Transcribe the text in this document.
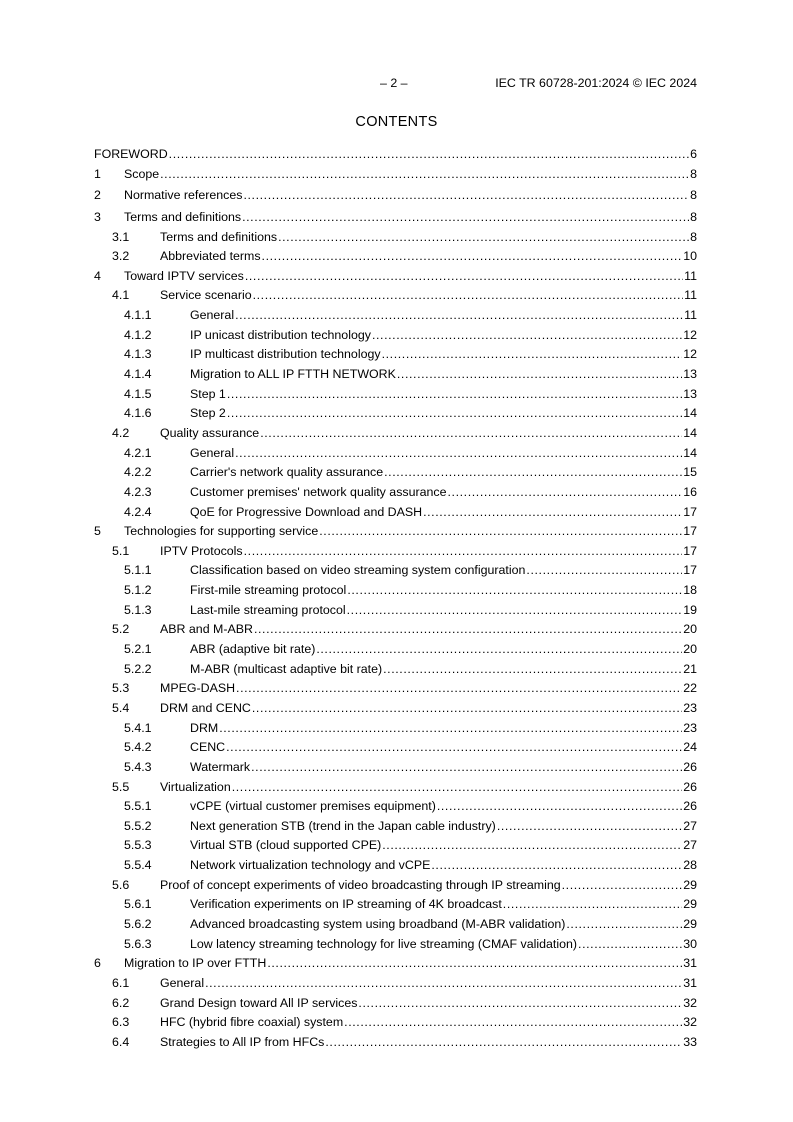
– 2 –	IEC TR 60728-201:2024 © IEC 2024
CONTENTS
FOREWORD .....	6
1 Scope .....	8
2 Normative references .....	8
3 Terms and definitions .....	8
3.1 Terms and definitions .....	8
3.2 Abbreviated terms .....	10
4 Toward IPTV services .....	11
4.1 Service scenario .....	11
4.1.1	General .....	11
4.1.2	IP unicast distribution technology .....	12
4.1.3	IP multicast distribution technology .....	12
4.1.4	Migration to ALL IP FTTH NETWORK .....	13
4.1.5	Step 1 .....	13
4.1.6	Step 2 .....	14
4.2 Quality assurance .....	14
4.2.1	General .....	14
4.2.2	Carrier's network quality assurance .....	15
4.2.3	Customer premises' network quality assurance .....	16
4.2.4	QoE for Progressive Download and DASH .....	17
5 Technologies for supporting service .....	17
5.1 IPTV Protocols .....	17
5.1.1	Classification based on video streaming system configuration .....	17
5.1.2	First-mile streaming protocol .....	18
5.1.3	Last-mile streaming protocol .....	19
5.2 ABR and M-ABR .....	20
5.2.1	ABR (adaptive bit rate) .....	20
5.2.2	M-ABR (multicast adaptive bit rate) .....	21
5.3 MPEG-DASH .....	22
5.4 DRM and CENC .....	23
5.4.1	DRM .....	23
5.4.2	CENC .....	24
5.4.3	Watermark .....	26
5.5 Virtualization .....	26
5.5.1	vCPE (virtual customer premises equipment) .....	26
5.5.2	Next generation STB (trend in the Japan cable industry) .....	27
5.5.3	Virtual STB (cloud supported CPE) .....	27
5.5.4	Network virtualization technology and vCPE .....	28
5.6 Proof of concept experiments of video broadcasting through IP streaming .....	29
5.6.1	Verification experiments on IP streaming of 4K broadcast .....	29
5.6.2	Advanced broadcasting system using broadband (M-ABR validation) .....	29
5.6.3	Low latency streaming technology for live streaming (CMAF validation) .....	30
6 Migration to IP over FTTH .....	31
6.1 General .....	31
6.2 Grand Design toward All IP services .....	32
6.3 HFC (hybrid fibre coaxial) system .....	32
6.4 Strategies to All IP from HFCs .....	33
